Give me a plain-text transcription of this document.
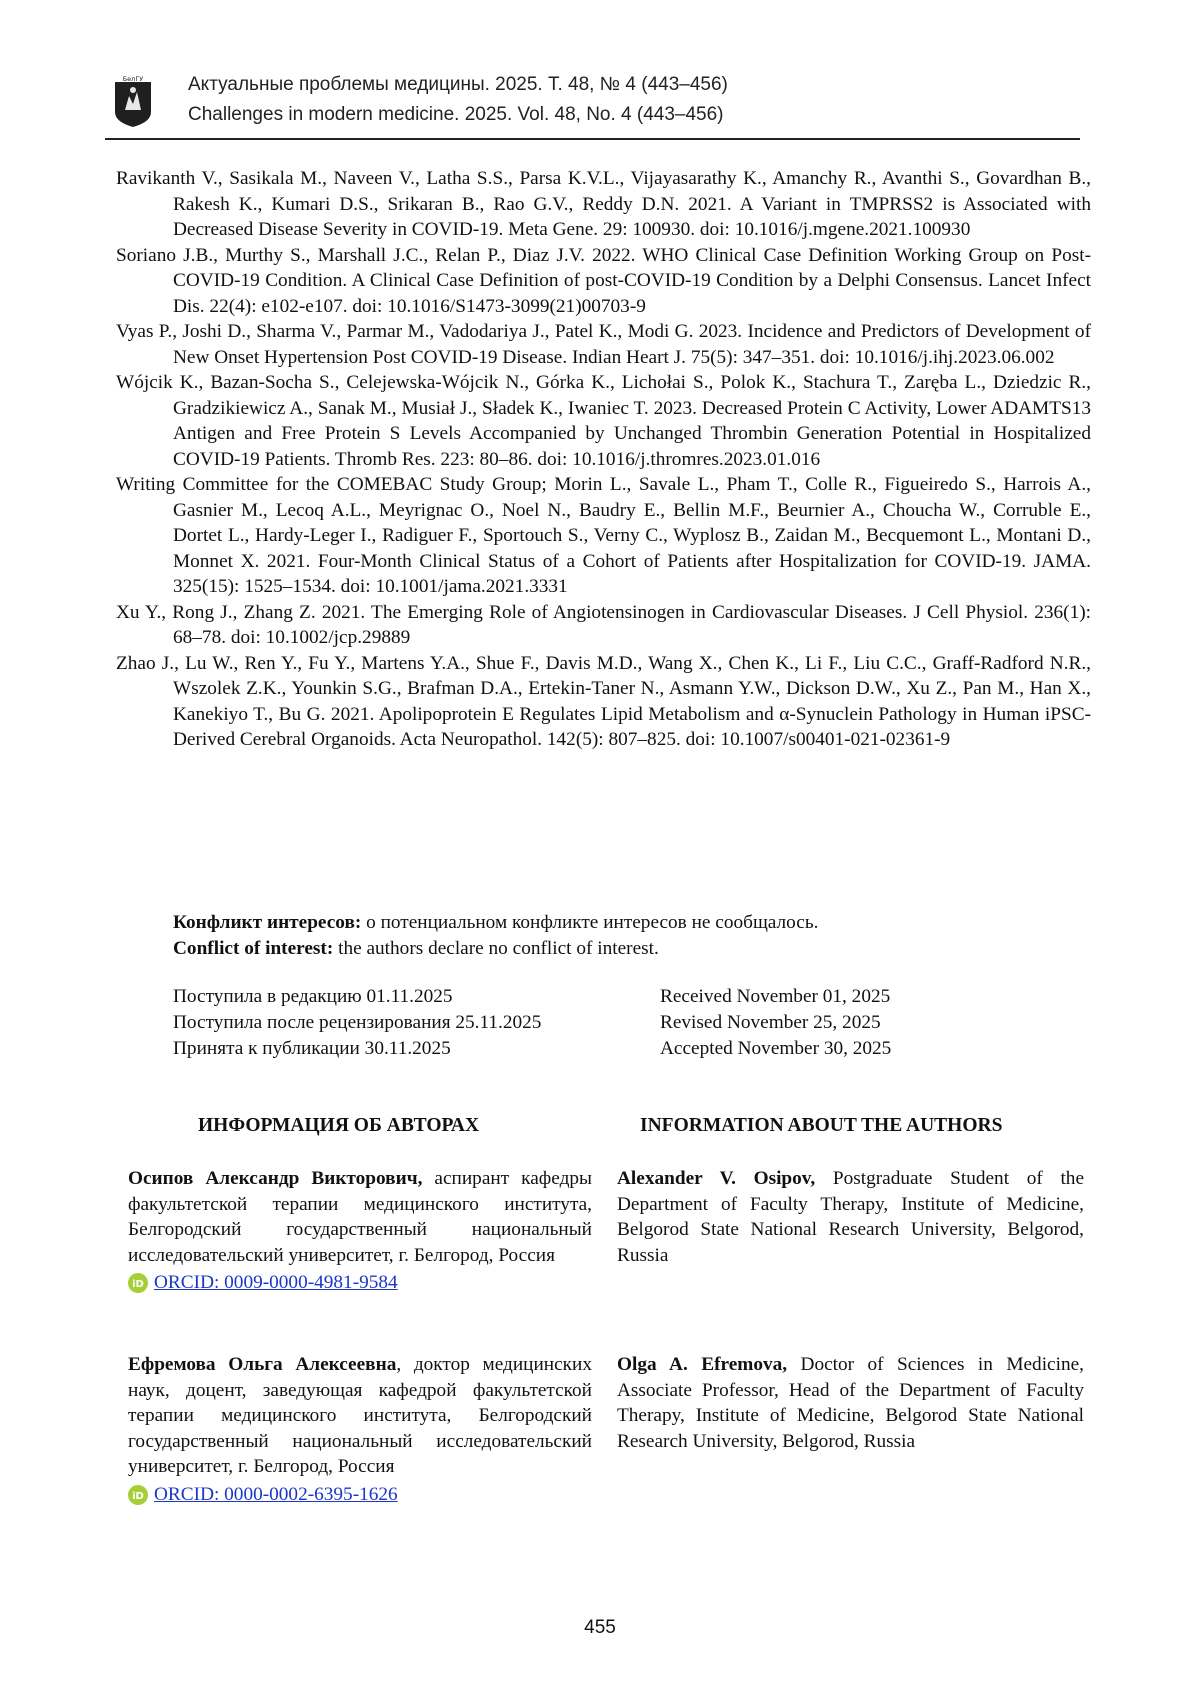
БелГУ Актуальные проблемы медицины. 2025. Т. 48, № 4 (443–456)
Challenges in modern medicine. 2025. Vol. 48, No. 4 (443–456)

Ravikanth V., Sasikala M., Naveen V., Latha S.S., Parsa K.V.L., Vijayasarathy K., Amanchy R., Avanthi S., Govardhan B., Rakesh K., Kumari D.S., Srikaran B., Rao G.V., Reddy D.N. 2021. A Variant in TMPRSS2 is Associated with Decreased Disease Severity in COVID-19. Meta Gene. 29: 100930. doi: 10.1016/j.mgene.2021.100930

Soriano J.B., Murthy S., Marshall J.C., Relan P., Diaz J.V. 2022. WHO Clinical Case Definition Working Group on Post-COVID-19 Condition. A Clinical Case Definition of post-COVID-19 Condition by a Delphi Consensus. Lancet Infect Dis. 22(4): e102-e107. doi: 10.1016/S1473-3099(21)00703-9

Vyas P., Joshi D., Sharma V., Parmar M., Vadodariya J., Patel K., Modi G. 2023. Incidence and Predictors of Development of New Onset Hypertension Post COVID-19 Disease. Indian Heart J. 75(5): 347–351. doi: 10.1016/j.ihj.2023.06.002

Wójcik K., Bazan-Socha S., Celejewska-Wójcik N., Górka K., Lichołai S., Polok K., Stachura T., Zaręba L., Dziedzic R., Gradzikiewicz A., Sanak M., Musiał J., Sładek K., Iwaniec T. 2023. Decreased Protein C Activity, Lower ADAMTS13 Antigen and Free Protein S Levels Accompanied by Unchanged Thrombin Generation Potential in Hospitalized COVID-19 Patients. Thromb Res. 223: 80–86. doi: 10.1016/j.thromres.2023.01.016

Writing Committee for the COMEBAC Study Group; Morin L., Savale L., Pham T., Colle R., Figueiredo S., Harrois A., Gasnier M., Lecoq A.L., Meyrignac O., Noel N., Baudry E., Bellin M.F., Beurnier A., Choucha W., Corruble E., Dortet L., Hardy-Leger I., Radiguer F., Sportouch S., Verny C., Wyplosz B., Zaidan M., Becquemont L., Montani D., Monnet X. 2021. Four-Month Clinical Status of a Cohort of Patients after Hospitalization for COVID-19. JAMA. 325(15): 1525–1534. doi: 10.1001/jama.2021.3331

Xu Y., Rong J., Zhang Z. 2021. The Emerging Role of Angiotensinogen in Cardiovascular Diseases. J Cell Physiol. 236(1): 68–78. doi: 10.1002/jcp.29889

Zhao J., Lu W., Ren Y., Fu Y., Martens Y.A., Shue F., Davis M.D., Wang X., Chen K., Li F., Liu C.C., Graff-Radford N.R., Wszolek Z.K., Younkin S.G., Brafman D.A., Ertekin-Taner N., Asmann Y.W., Dickson D.W., Xu Z., Pan M., Han X., Kanekiyo T., Bu G. 2021. Apolipoprotein E Regulates Lipid Metabolism and α-Synuclein Pathology in Human iPSC-Derived Cerebral Organoids. Acta Neuropathol. 142(5): 807–825. doi: 10.1007/s00401-021-02361-9

Конфликт интересов: о потенциальном конфликте интересов не сообщалось.

Conflict of interest: the authors declare no conflict of interest.

Поступила в редакцию 01.11.2025
Поступила после рецензирования 25.11.2025
Принята к публикации 30.11.2025
Received November 01, 2025
Revised November 25, 2025
Accepted November 30, 2025
ИНФОРМАЦИЯ ОБ АВТОРАХ	INFORMATION ABOUT THE AUTHORS

Осипов Александр Викторович, аспирант кафедры факультетской терапии медицинского института, Белгородский государственный национальный исследовательский университет, г. Белгород, Россия

iD ORCID: 0009-0000-4981-9584

Alexander V. Osipov, Postgraduate Student of the Department of Faculty Therapy, Institute of Medicine, Belgorod State National Research University, Belgorod, Russia

Ефремова Ольга Алексеевна, доктор медицинских наук, доцент, заведующая кафедрой факультетской терапии медицинского института, Белгородский государственный национальный исследовательский университет, г. Белгород, Россия

iD ORCID: 0000-0002-6395-1626

Olga A. Efremova, Doctor of Sciences in Medicine, Associate Professor, Head of the Department of Faculty Therapy, Institute of Medicine, Belgorod State National Research University, Belgorod, Russia

455
